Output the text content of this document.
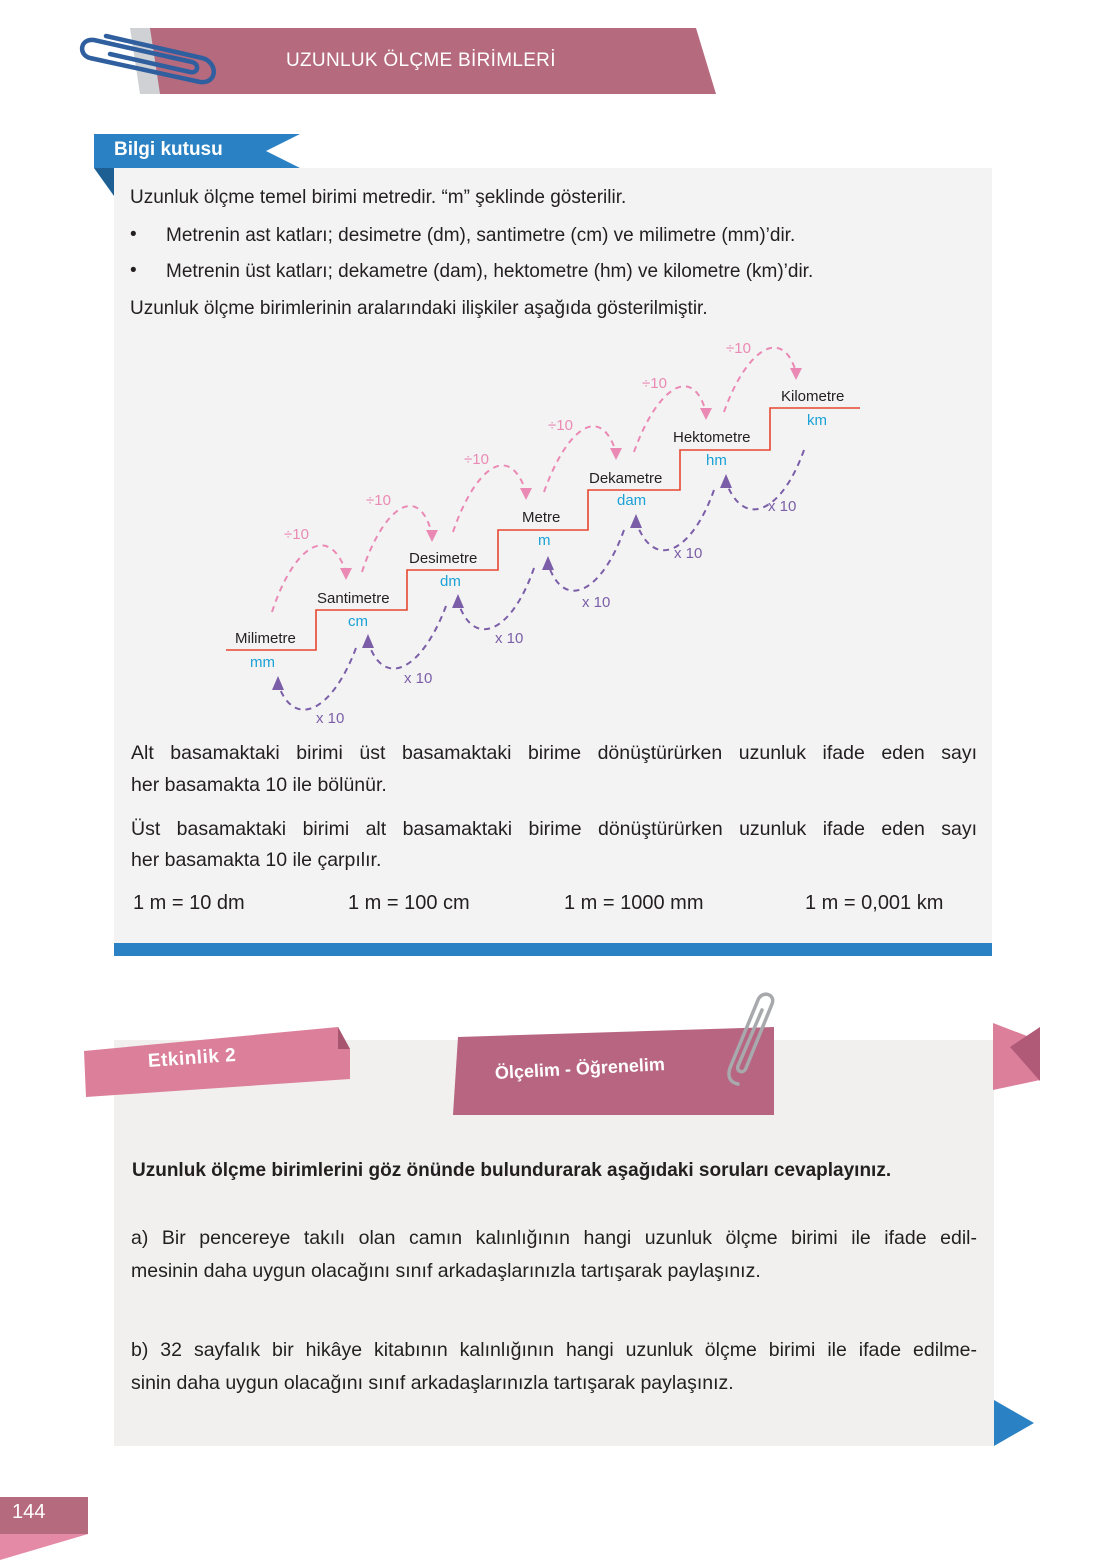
UZUNLUK ÖLÇME BİRİMLERİ
Bilgi kutusu
Uzunluk ölçme temel birimi metredir. “m” şeklinde gösterilir.
• Metrenin ast katları; desimetre (dm), santimetre (cm) ve milimetre (mm)’dir.
• Metrenin üst katları; dekametre (dam), hektometre (hm) ve kilometre (km)’dir.
Uzunluk ölçme birimlerinin aralarındaki ilişkiler aşağıda gösterilmiştir.
Milimetre
mm
Santimetre
cm
Desimetre
dm
Metre
m
Dekametre
dam
Hektometre
hm
Kilometre
km
÷10
÷10
÷10
÷10
÷10
÷10
x 10
x 10
x 10
x 10
x 10
x 10
Alt basamaktaki birimi üst basamaktaki birime dönüştürürken uzunluk ifade eden sayı
her basamakta 10 ile bölünür.
Üst basamaktaki birimi alt basamaktaki birime dönüştürürken uzunluk ifade eden sayı
her basamakta 10 ile çarpılır.
1 m = 10 dm	1 m = 100 cm	1 m = 1000 mm	1 m = 0,001 km
Etkinlik 2	Ölçelim - Öğrenelim
Uzunluk ölçme birimlerini göz önünde bulundurarak aşağıdaki soruları cevaplayınız.
a) Bir pencereye takılı olan camın kalınlığının hangi uzunluk ölçme birimi ile ifade edil-
mesinin daha uygun olacağını sınıf arkadaşlarınızla tartışarak paylaşınız.
b) 32 sayfalık bir hikâye kitabının kalınlığının hangi uzunluk ölçme birimi ile ifade edilme-
sinin daha uygun olacağını sınıf arkadaşlarınızla tartışarak paylaşınız.
144
